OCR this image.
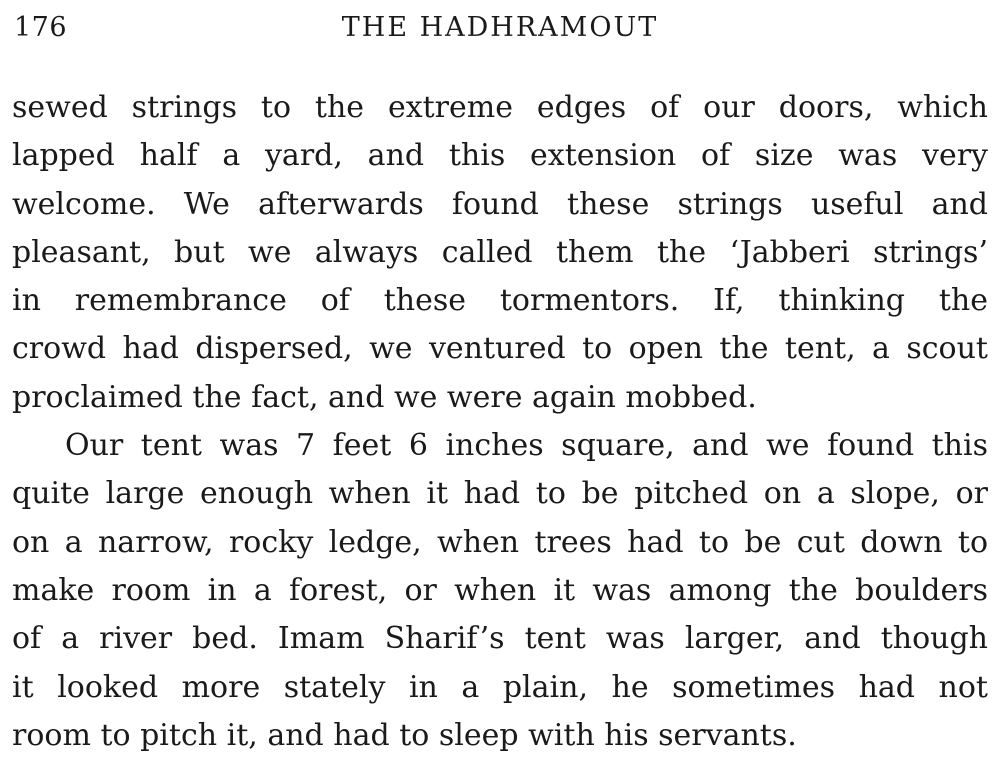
176	THE HADHRAMOUT
sewed strings to the extreme edges of our doors, which
lapped half a yard, and this extension of size was very
welcome. We afterwards found these strings useful and
pleasant, but we always called them the ‘Jabberi strings’
in remembrance of these tormentors. If, thinking the
crowd had dispersed, we ventured to open the tent, a scout
proclaimed the fact, and we were again mobbed.
Our tent was 7 feet 6 inches square, and we found this
quite large enough when it had to be pitched on a slope, or
on a narrow, rocky ledge, when trees had to be cut down to
make room in a forest, or when it was among the boulders
of a river bed. Imam Sharif’s tent was larger, and though
it looked more stately in a plain, he sometimes had not
room to pitch it, and had to sleep with his servants.
